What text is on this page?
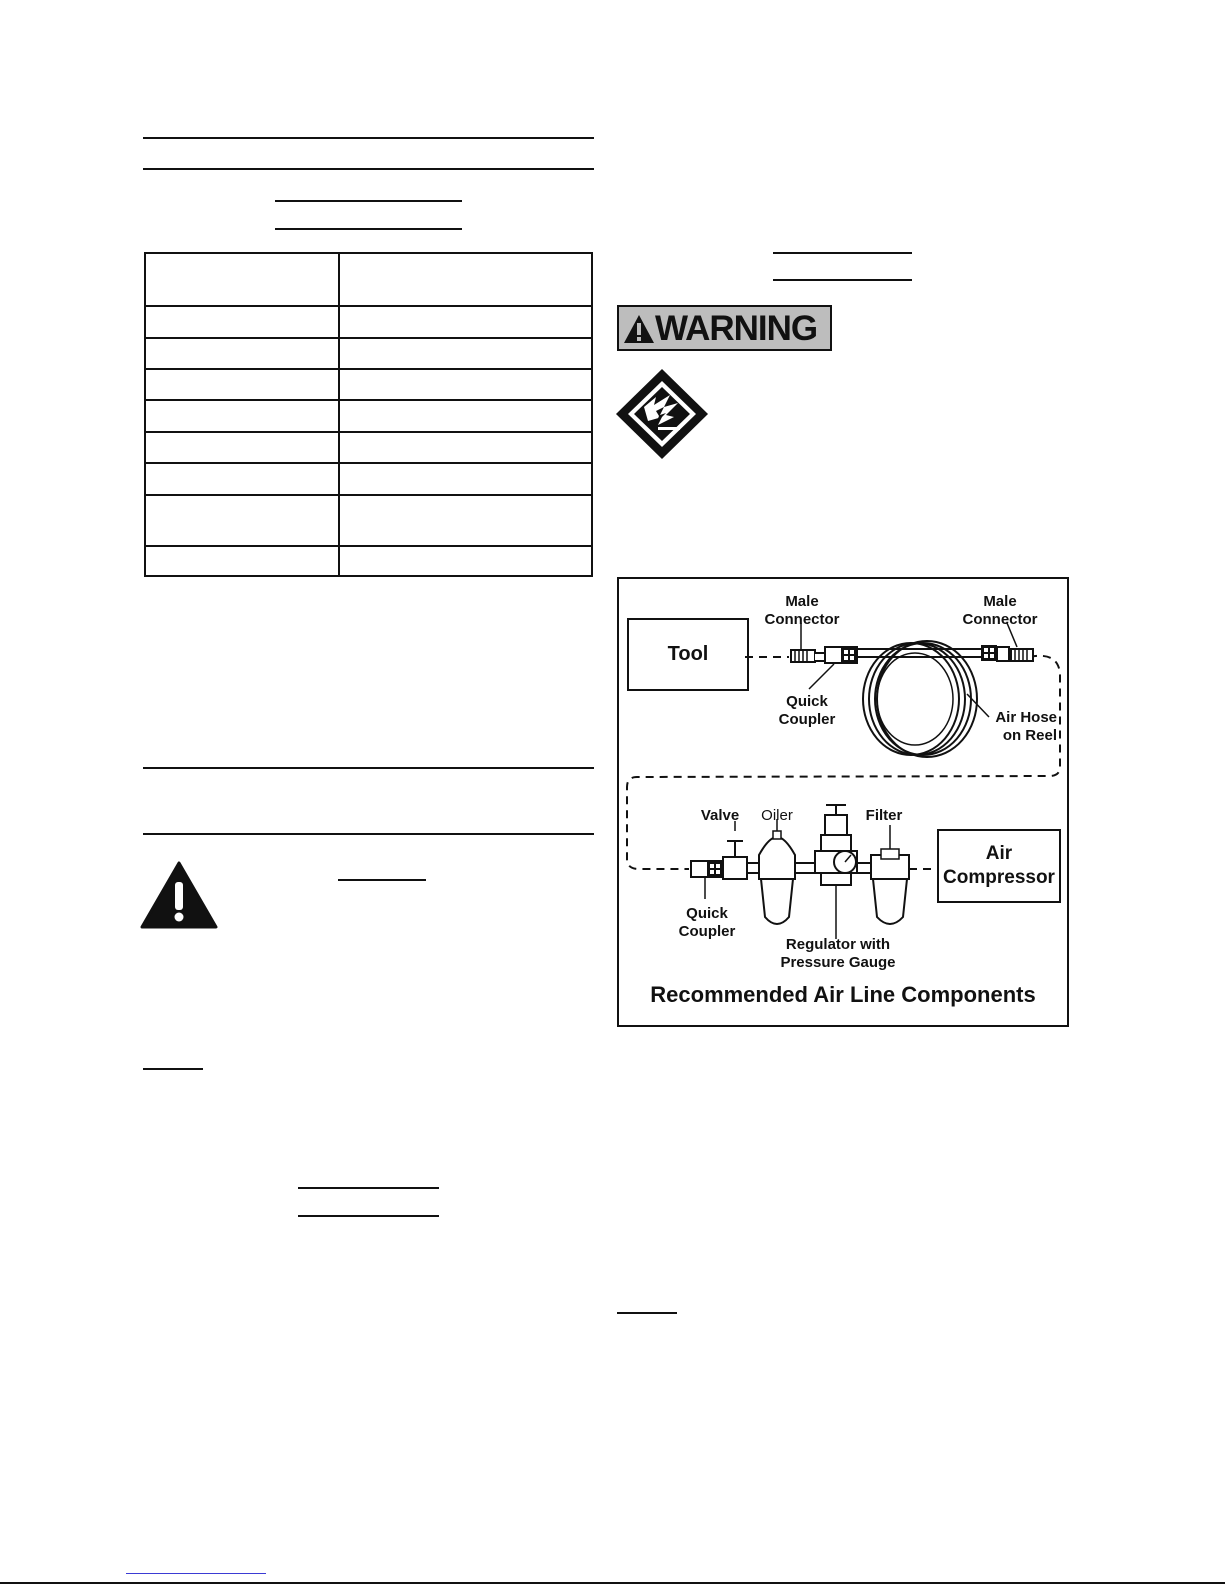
WARNING
Male Connector
Male Connector
Tool
Quick Coupler	Air Hose on Reel
Valve	Oiler	Filter
Air Compressor
Quick Coupler
Regulator with Pressure Gauge
Recommended Air Line Components
